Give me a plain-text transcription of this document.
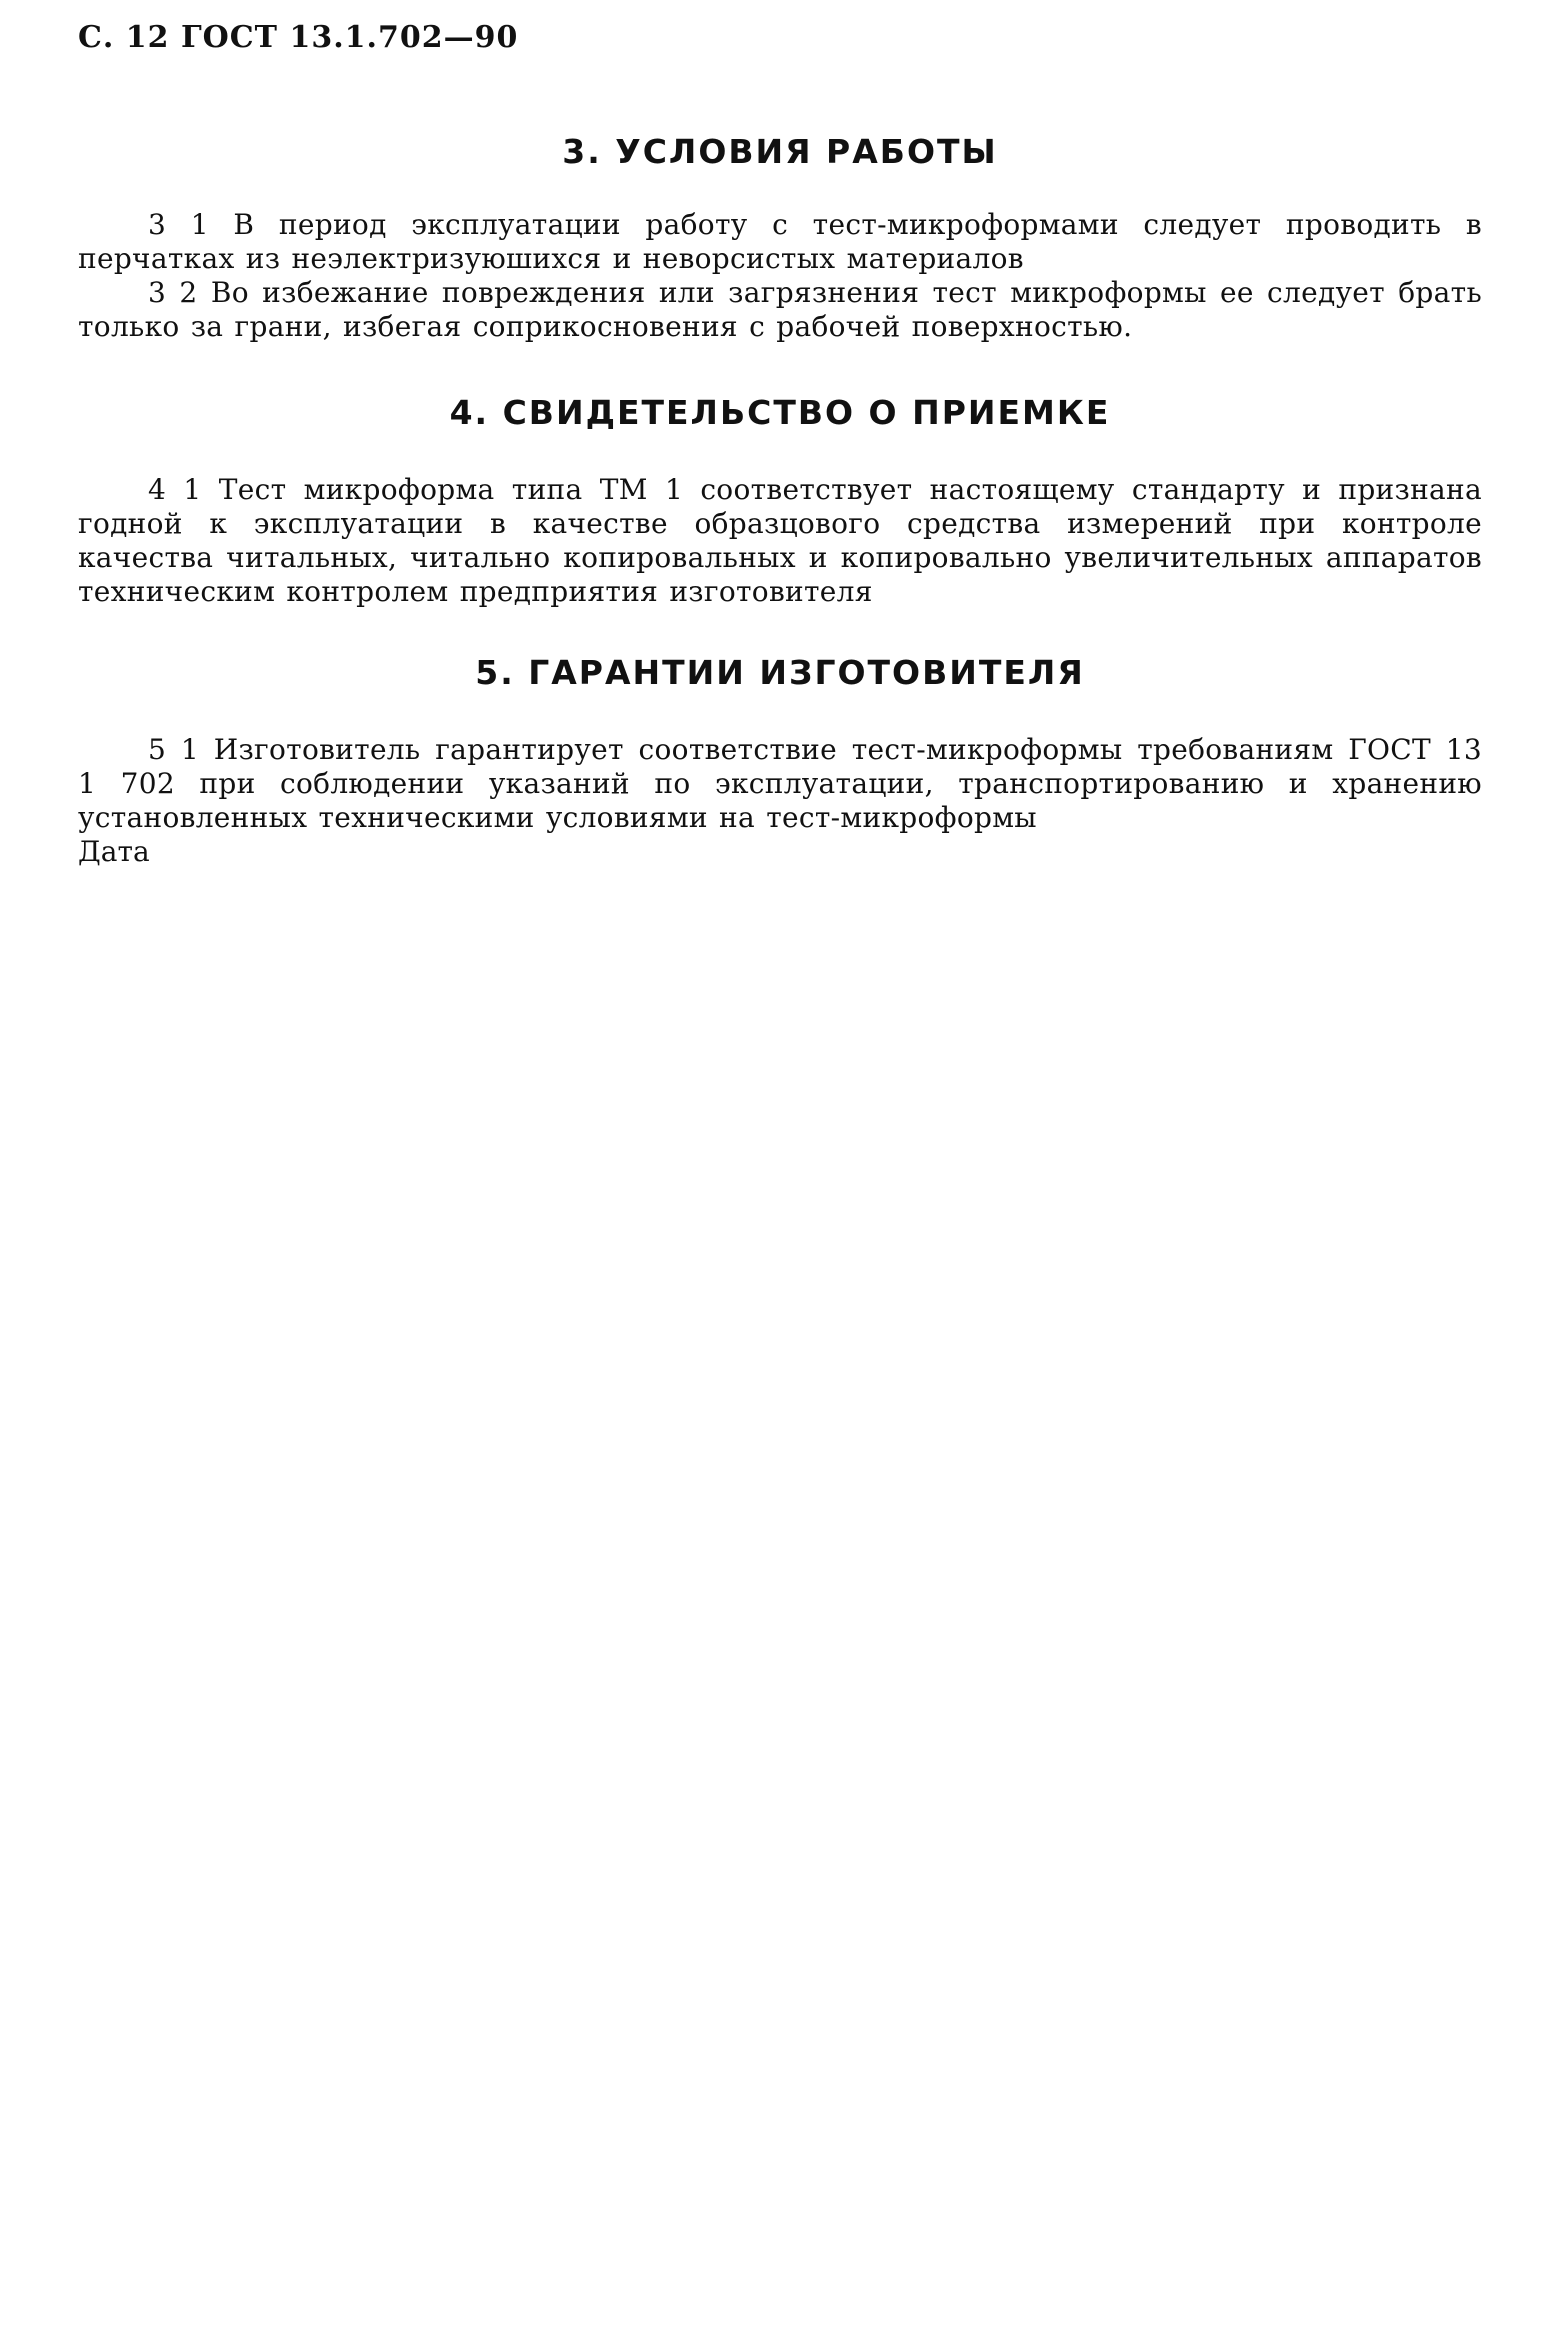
С. 12 ГОСТ 13.1.702—90
3. УСЛОВИЯ РАБОТЫ

3 1 В период эксплуатации работу с тест-микроформами следует проводить в перчатках из неэлектризуюшихся и неворсистых материалов

3 2 Во избежание повреждения или загрязнения тест микроформы ее следует брать только за грани, избегая соприкосновения с рабочей поверхностью.

4. СВИДЕТЕЛЬСТВО О ПРИЕМКЕ

4 1 Тест микроформа типа ТМ 1 соответствует настоящему стандарту и признана годной к эксплуатации в качестве образцового средства измерений при контроле качества читальных, читально копировальных и копировально увеличительных аппаратов техническим контролем предприятия изготовителя

5. ГАРАНТИИ ИЗГОТОВИТЕЛЯ

5 1 Изготовитель гарантирует соответствие тест-микроформы требованиям ГОСТ 13 1 702 при соблюдении указаний по эксплуатации, транспортированию и хранению установленных техническими условиями на тест-микроформы

Дата
